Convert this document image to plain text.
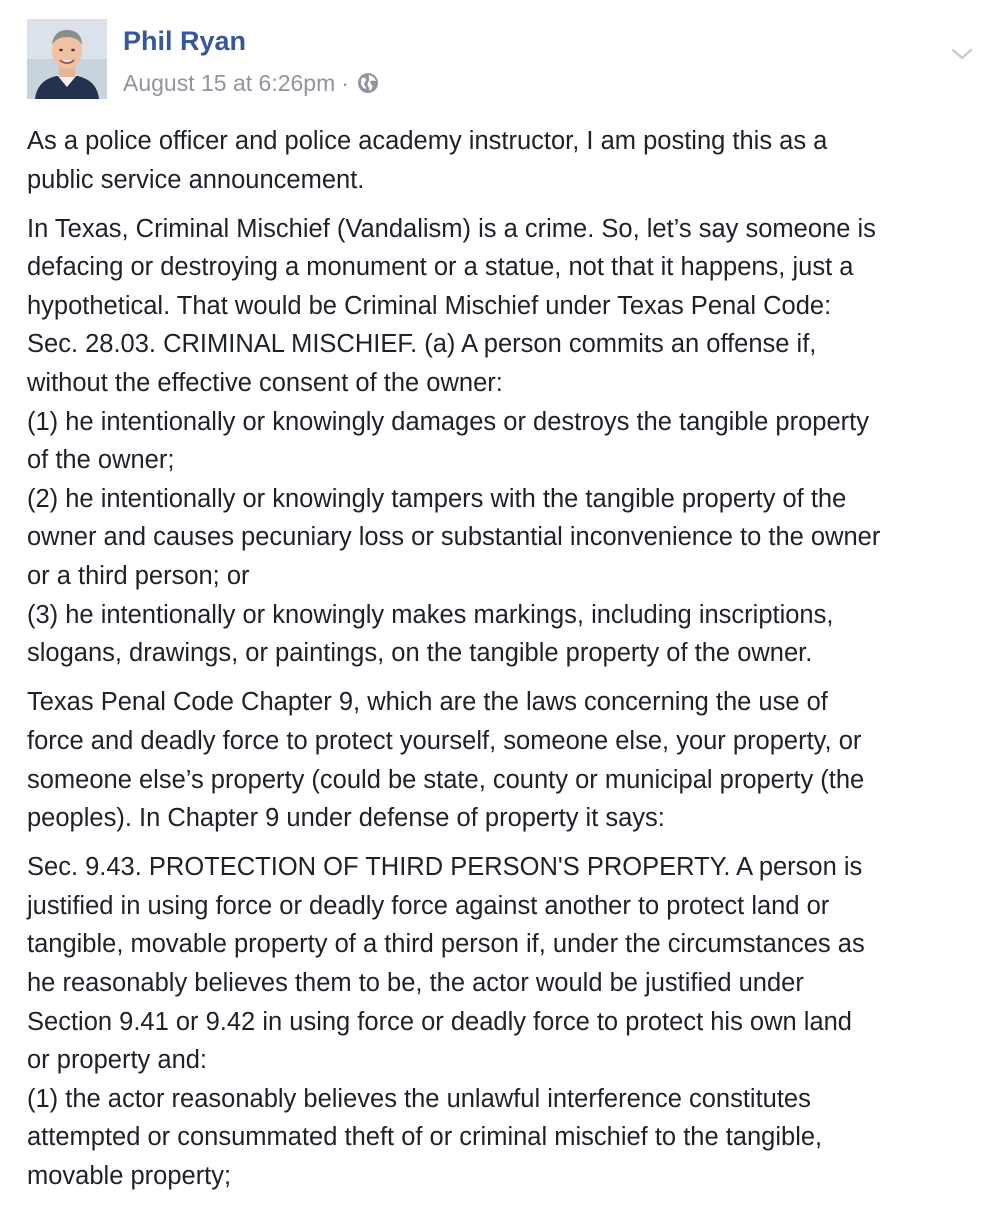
Phil Ryan
August 15 at 6:26pm ·

As a police officer and police academy instructor, I am posting this as a
public service announcement.

In Texas, Criminal Mischief (Vandalism) is a crime. So, let’s say someone is
defacing or destroying a monument or a statue, not that it happens, just a
hypothetical. That would be Criminal Mischief under Texas Penal Code:
Sec. 28.03. CRIMINAL MISCHIEF. (a) A person commits an offense if,
without the effective consent of the owner:
(1) he intentionally or knowingly damages or destroys the tangible property
of the owner;
(2) he intentionally or knowingly tampers with the tangible property of the
owner and causes pecuniary loss or substantial inconvenience to the owner
or a third person; or
(3) he intentionally or knowingly makes markings, including inscriptions,
slogans, drawings, or paintings, on the tangible property of the owner.

Texas Penal Code Chapter 9, which are the laws concerning the use of
force and deadly force to protect yourself, someone else, your property, or
someone else’s property (could be state, county or municipal property (the
peoples). In Chapter 9 under defense of property it says:

Sec. 9.43. PROTECTION OF THIRD PERSON'S PROPERTY. A person is
justified in using force or deadly force against another to protect land or
tangible, movable property of a third person if, under the circumstances as
he reasonably believes them to be, the actor would be justified under
Section 9.41 or 9.42 in using force or deadly force to protect his own land
or property and:
(1) the actor reasonably believes the unlawful interference constitutes
attempted or consummated theft of or criminal mischief to the tangible,
movable property;
